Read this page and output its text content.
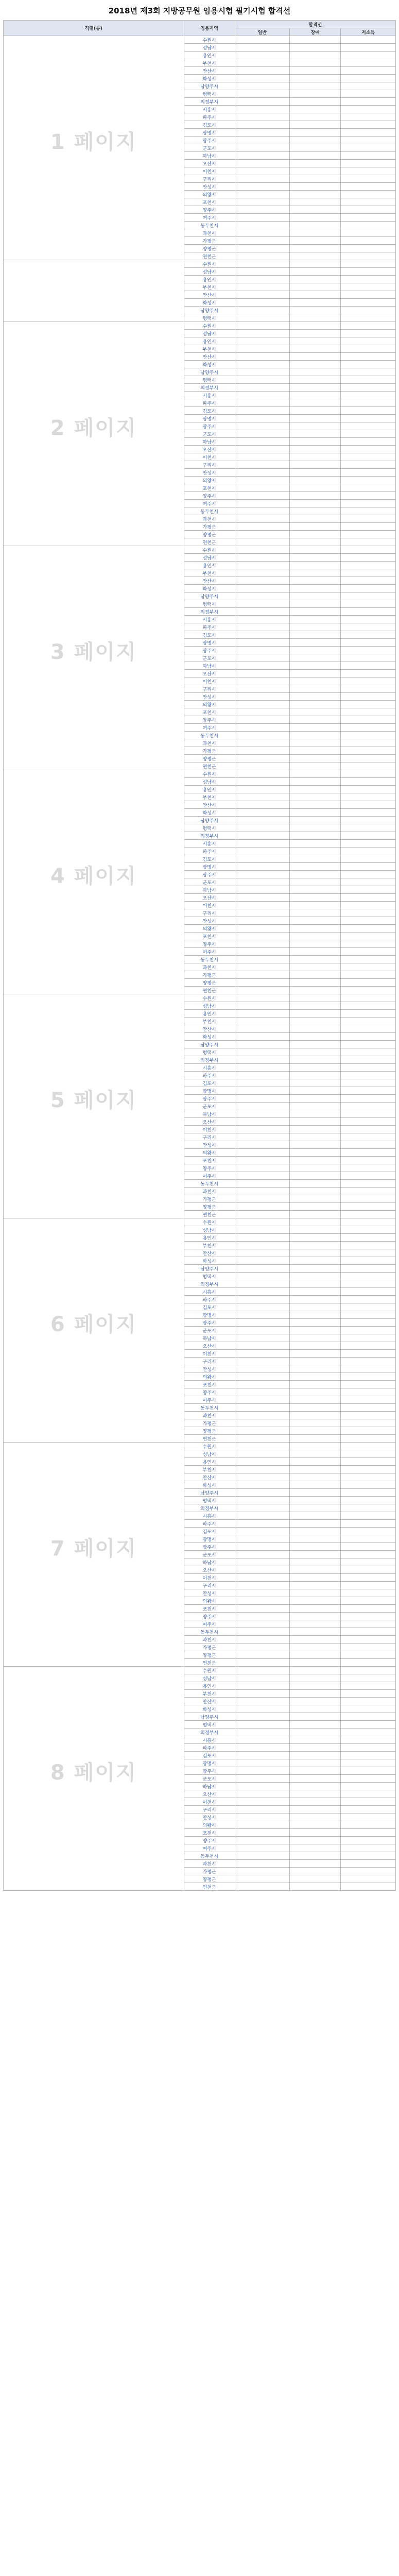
2018년 제3회 지방공무원 임용시험 필기시험 합격선
직렬(류)	임용지역	합격선		
		일반	장애	저소득

1 페이지	수원시			
	성남시			
	용인시			
	부천시			
	안산시			
	화성시			
	남양주시			
	평택시			
	의정부시			
	시흥시			
	파주시			
	김포시			
	광명시			
	광주시			
	군포시			
	하남시			
	오산시			
	이천시			
	구리시			
	안성시			
	의왕시			
	포천시			
	양주시			
	여주시			
	동두천시			
	과천시			
	가평군			
	양평군			
	연천군			
	수원시			
	성남시			
	용인시			
	부천시			
	안산시			
	화성시			
	남양주시			
	평택시			

2 페이지	수원시			
	성남시			
	용인시			
	부천시			
	안산시			
	화성시			
	남양주시			
	평택시			
	의정부시			
	시흥시			
	파주시			
	김포시			
	광명시			
	광주시			
	군포시			
	하남시			
	오산시			
	이천시			
	구리시			
	안성시			
	의왕시			
	포천시			
	양주시			
	여주시			
	동두천시			
	과천시			
	가평군			
	양평군			
	연천군			

3 페이지	수원시			
	성남시			
	용인시			
	부천시			
	안산시			
	화성시			
	남양주시			
	평택시			
	의정부시			
	시흥시			
	파주시			
	김포시			
	광명시			
	광주시			
	군포시			
	하남시			
	오산시			
	이천시			
	구리시			
	안성시			
	의왕시			
	포천시			
	양주시			
	여주시			
	동두천시			
	과천시			
	가평군			
	양평군			
	연천군			

4 페이지	수원시			
	성남시			
	용인시			
	부천시			
	안산시			
	화성시			
	남양주시			
	평택시			
	의정부시			
	시흥시			
	파주시			
	김포시			
	광명시			
	광주시			
	군포시			
	하남시			
	오산시			
	이천시			
	구리시			
	안성시			
	의왕시			
	포천시			
	양주시			
	여주시			
	동두천시			
	과천시			
	가평군			
	양평군			
	연천군			

5 페이지	수원시			
	성남시			
	용인시			
	부천시			
	안산시			
	화성시			
	남양주시			
	평택시			
	의정부시			
	시흥시			
	파주시			
	김포시			
	광명시			
	광주시			
	군포시			
	하남시			
	오산시			
	이천시			
	구리시			
	안성시			
	의왕시			
	포천시			
	양주시			
	여주시			
	동두천시			
	과천시			
	가평군			
	양평군			
	연천군			

6 페이지	수원시			
	성남시			
	용인시			
	부천시			
	안산시			
	화성시			
	남양주시			
	평택시			
	의정부시			
	시흥시			
	파주시			
	김포시			
	광명시			
	광주시			
	군포시			
	하남시			
	오산시			
	이천시			
	구리시			
	안성시			
	의왕시			
	포천시			
	양주시			
	여주시			
	동두천시			
	과천시			
	가평군			
	양평군			
	연천군			

7 페이지	수원시			
	성남시			
	용인시			
	부천시			
	안산시			
	화성시			
	남양주시			
	평택시			
	의정부시			
	시흥시			
	파주시			
	김포시			
	광명시			
	광주시			
	군포시			
	하남시			
	오산시			
	이천시			
	구리시			
	안성시			
	의왕시			
	포천시			
	양주시			
	여주시			
	동두천시			
	과천시			
	가평군			
	양평군			
	연천군			

8 페이지	수원시			
	성남시			
	용인시			
	부천시			
	안산시			
	화성시			
	남양주시			
	평택시			
	의정부시			
	시흥시			
	파주시			
	김포시			
	광명시			
	광주시			
	군포시			
	하남시			
	오산시			
	이천시			
	구리시			
	안성시			
	의왕시			
	포천시			
	양주시			
	여주시			
	동두천시			
	과천시			
	가평군			
	양평군			
	연천군			
